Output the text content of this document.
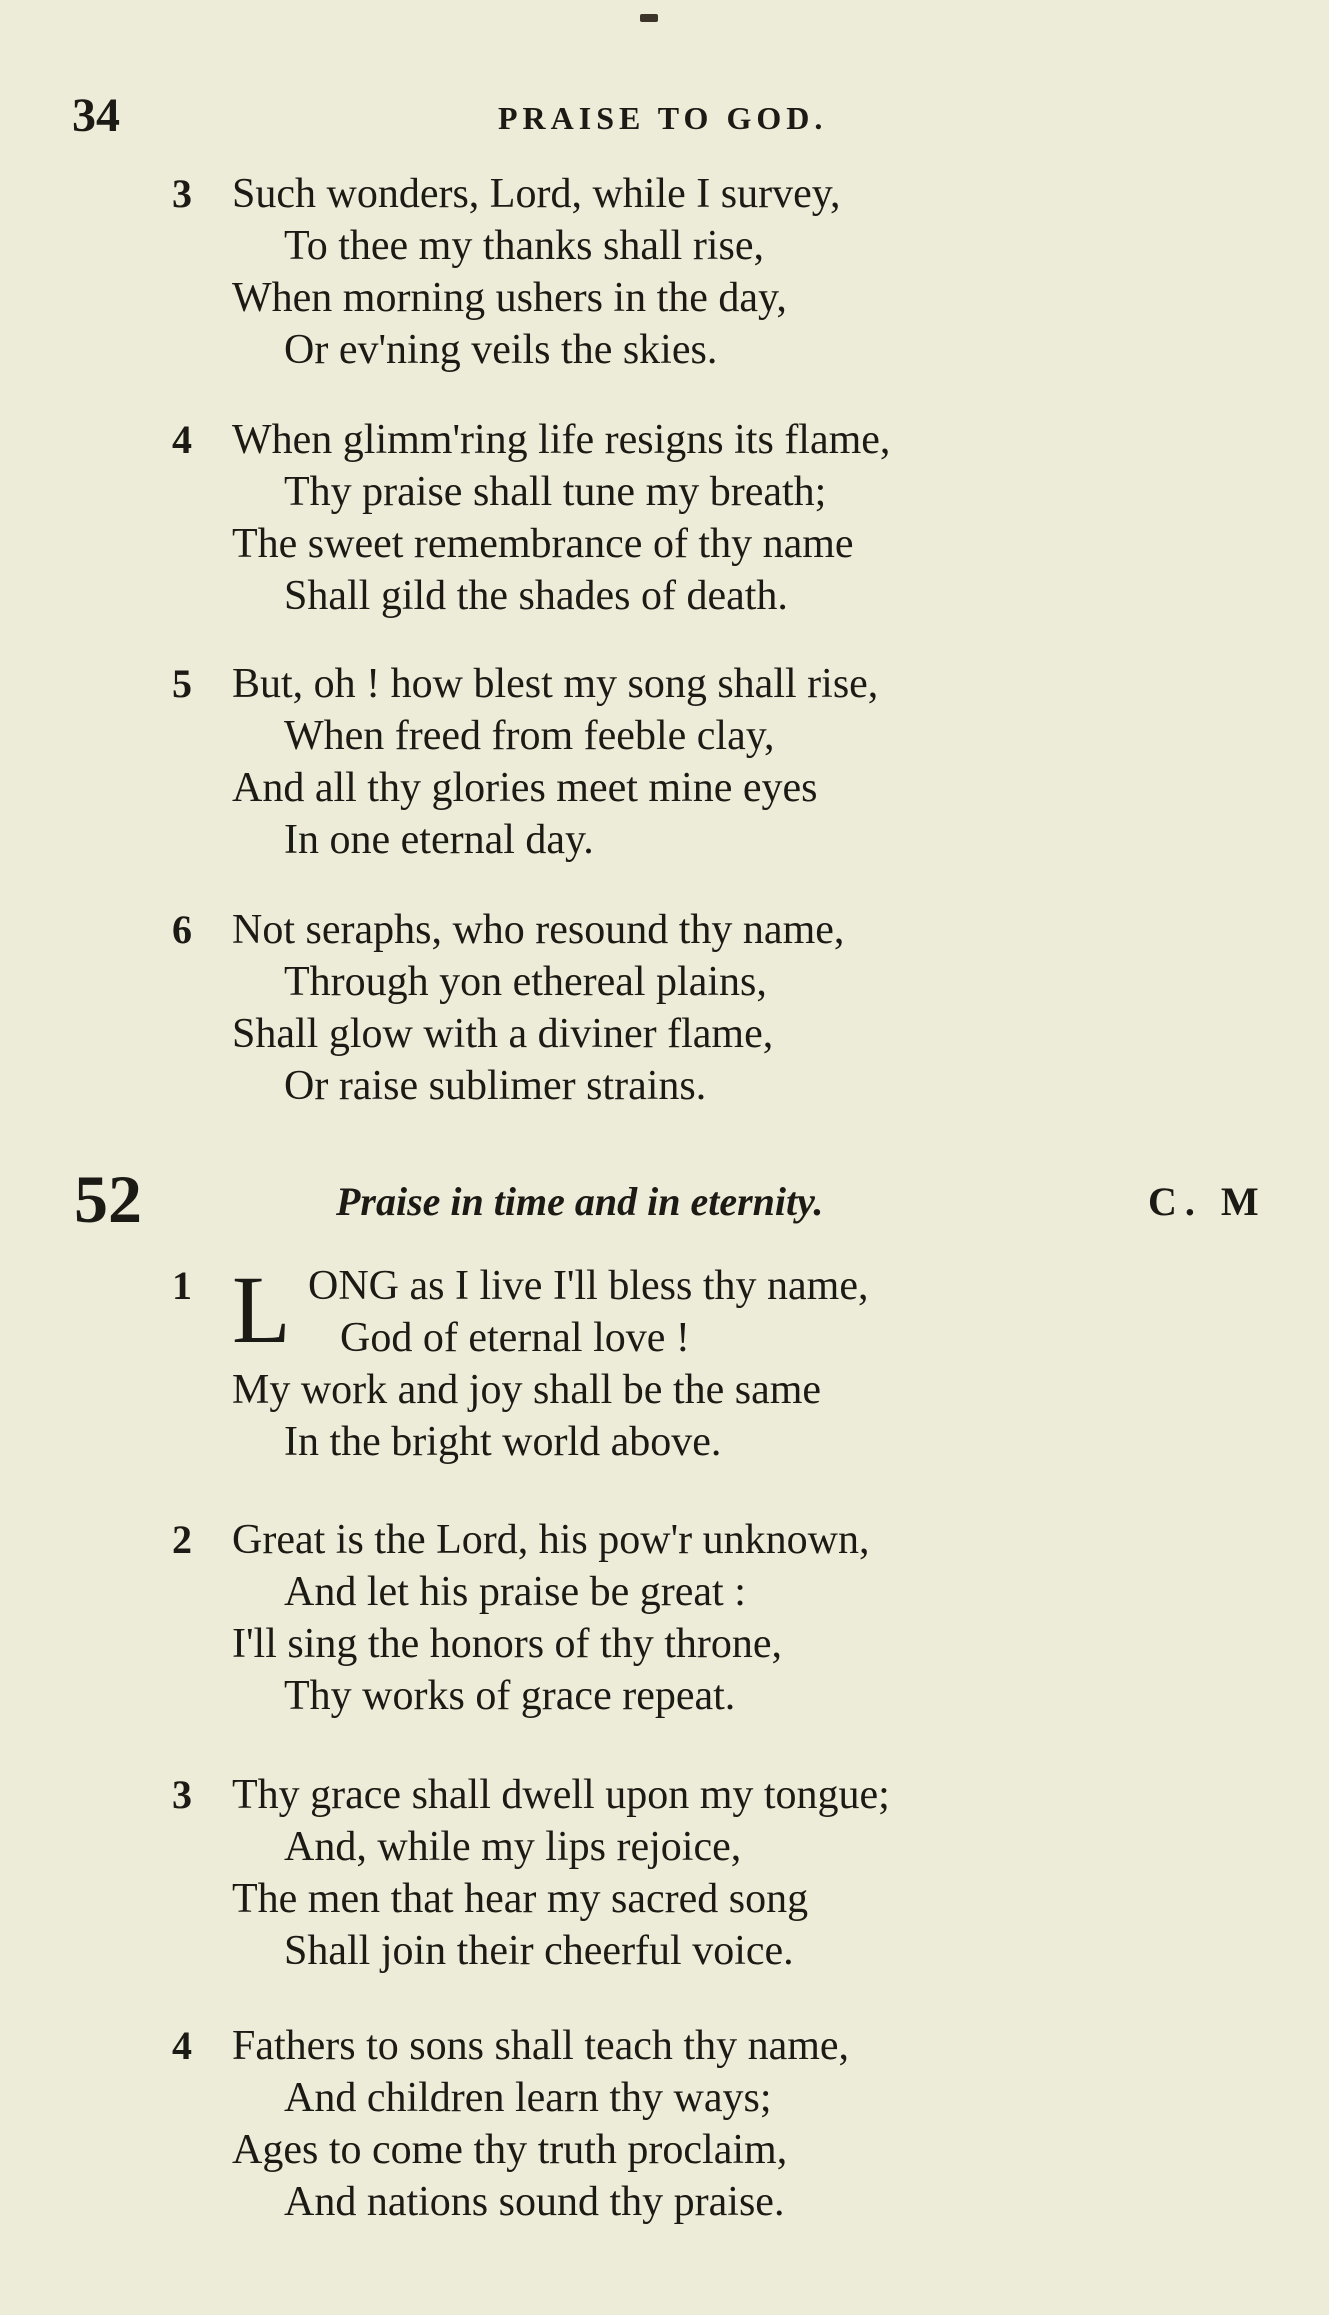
34	PRAISE TO GOD.
3 Such wonders, Lord, while I survey,
To thee my thanks shall rise,
When morning ushers in the day,
Or ev'ning veils the skies.
4 When glimm'ring life resigns its flame,
Thy praise shall tune my breath;
The sweet remembrance of thy name
Shall gild the shades of death.
5 But, oh ! how blest my song shall rise,
When freed from feeble clay,
And all thy glories meet mine eyes
In one eternal day.
6 Not seraphs, who resound thy name,
Through yon ethereal plains,
Shall glow with a diviner flame,
Or raise sublimer strains.
52	Praise in time and in eternity.	C. M
1 L ONG as I live I'll bless thy name,
God of eternal love !
My work and joy shall be the same
In the bright world above.
2 Great is the Lord, his pow'r unknown,
And let his praise be great :
I'll sing the honors of thy throne,
Thy works of grace repeat.
3 Thy grace shall dwell upon my tongue;
And, while my lips rejoice,
The men that hear my sacred song
Shall join their cheerful voice.
4 Fathers to sons shall teach thy name,
And children learn thy ways;
Ages to come thy truth proclaim,
And nations sound thy praise.
